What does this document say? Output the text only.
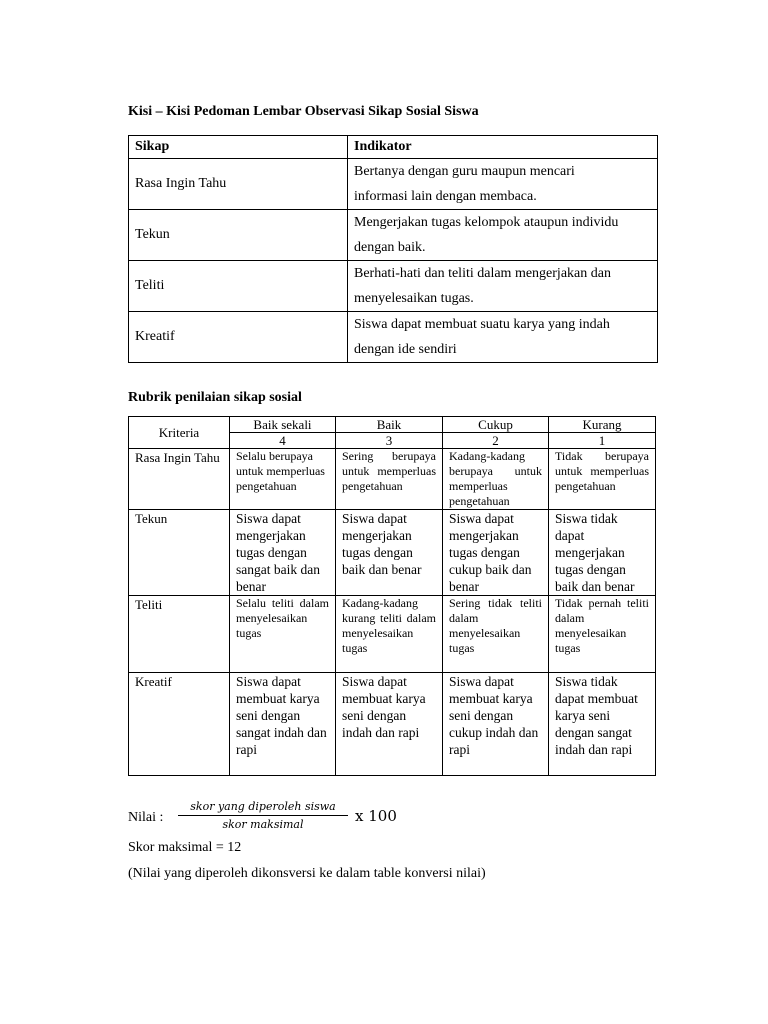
Kisi – Kisi Pedoman Lembar Observasi Sikap Sosial Siswa
Sikap	Indikator
Rasa Ingin Tahu	Bertanya dengan guru maupun mencari
informasi lain dengan membaca.
Tekun	Mengerjakan tugas kelompok ataupun individu
dengan baik.
Teliti	Berhati-hati dan teliti dalam mengerjakan dan
menyelesaikan tugas.
Kreatif	Siswa dapat membuat suatu karya yang indah
dengan ide sendiri
Rubrik penilaian sikap sosial
Kriteria	Baik sekali	Baik	Cukup	Kurang
	4	3	2	1
Rasa Ingin Tahu	Selalu berupaya untuk memperluas pengetahuan	Sering berupaya untuk memperluas pengetahuan	Kadang-kadang berupaya untuk memperluas pengetahuan	Tidak berupaya untuk memperluas pengetahuan
Tekun	Siswa dapat mengerjakan tugas dengan sangat baik dan benar	Siswa dapat mengerjakan tugas dengan baik dan benar	Siswa dapat mengerjakan tugas dengan cukup baik dan benar	Siswa tidak dapat mengerjakan tugas dengan baik dan benar
Teliti	Selalu teliti dalam menyelesaikan tugas	Kadang-kadang kurang teliti dalam menyelesaikan tugas	Sering tidak teliti dalam menyelesaikan tugas	Tidak pernah teliti dalam menyelesaikan tugas
Kreatif	Siswa dapat membuat karya seni dengan sangat indah dan rapi	Siswa dapat membuat karya seni dengan indah dan rapi	Siswa dapat membuat karya seni dengan cukup indah dan rapi	Siswa tidak dapat membuat karya seni dengan sangat indah dan rapi
Nilai :
skor yang diperoleh siswa
skor maksimal	x 100
Skor maksimal = 12
(Nilai yang diperoleh dikonsversi ke dalam table konversi nilai)
